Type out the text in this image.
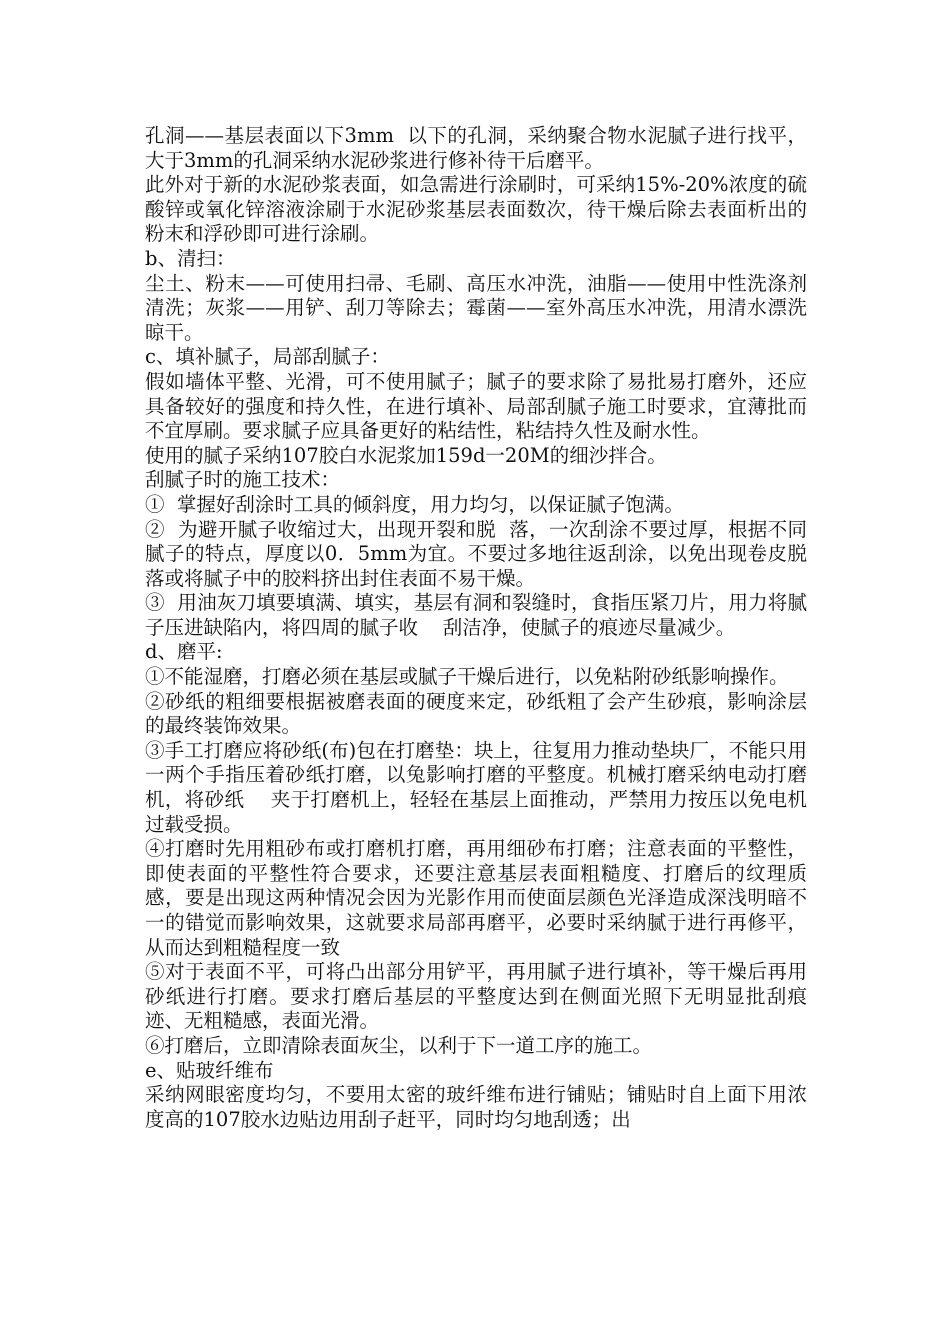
孔洞——基层表面以下3mm  以下的孔洞，采纳聚合物水泥腻子进行找平，大于3mm的孔洞采纳水泥砂浆进行修补待干后磨平。

此外对于新的水泥砂浆表面，如急需进行涂刷时，可采纳15%-20%浓度的硫酸锌或氧化锌溶液涂刷于水泥砂浆基层表面数次，待干燥后除去表面析出的粉末和浮砂即可进行涂刷。

b、清扫：

尘土、粉末——可使用扫帚、毛刷、高压水冲洗，油脂——使用中性洗涤剂清洗；灰浆——用铲、刮刀等除去；霉菌——室外高压水冲洗，用清水漂洗晾干。

c、填补腻子，局部刮腻子：

假如墙体平整、光滑，可不使用腻子；腻子的要求除了易批易打磨外，还应具备较好的强度和持久性，在进行填补、局部刮腻子施工时要求，宜薄批而不宜厚刷。要求腻子应具备更好的粘结性，粘结持久性及耐水性。

使用的腻子采纳107胶白水泥浆加159d一20M的细沙拌合。

刮腻子时的施工技术：

①  掌握好刮涂时工具的倾斜度，用力均匀，以保证腻子饱满。

②  为避开腻子收缩过大，出现开裂和脱  落，一次刮涂不要过厚，根据不同腻子的特点，厚度以0．5mm为宜。不要过多地往返刮涂，以免出现卷皮脱落或将腻子中的胶料挤出封住表面不易干燥。

③  用油灰刀填要填满、填实，基层有洞和裂缝时，食指压紧刀片，用力将腻子压进缺陷内，将四周的腻子收    刮洁净，使腻子的痕迹尽量减少。

d、磨平:

①不能湿磨，打磨必须在基层或腻子干燥后进行，以免粘附砂纸影响操作。

②砂纸的粗细要根据被磨表面的硬度来定，砂纸粗了会产生砂痕，影响涂层的最终装饰效果。

③手工打磨应将砂纸(布)包在打磨垫：块上，往复用力推动垫块厂，不能只用一两个手指压着砂纸打磨，以兔影响打磨的平整度。机械打磨采纳电动打磨机，将砂纸    夹于打磨机上，轻轻在基层上面推动，严禁用力按压以免电机过载受损。

④打磨时先用粗砂布或打磨机打磨，再用细砂布打磨；注意表面的平整性，即使表面的平整性符合要求，还要注意基层表面粗糙度、打磨后的纹理质感，要是出现这两种情况会因为光影作用而使面层颜色光泽造成深浅明暗不一的错觉而影响效果，这就要求局部再磨平，必要时采纳腻于进行再修平，从而达到粗糙程度一致

⑤对于表面不平，可将凸出部分用铲平，再用腻子进行填补，等干燥后再用砂纸进行打磨。要求打磨后基层的平整度达到在侧面光照下无明显批刮痕迹、无粗糙感，表面光滑。

⑥打磨后，立即清除表面灰尘，以利于下一道工序的施工。

e、贴玻纤维布

采纳网眼密度均匀，不要用太密的玻纤维布进行铺贴；铺贴时自上面下用浓度高的107胶水边贴边用刮子赶平，同时均匀地刮透；出
